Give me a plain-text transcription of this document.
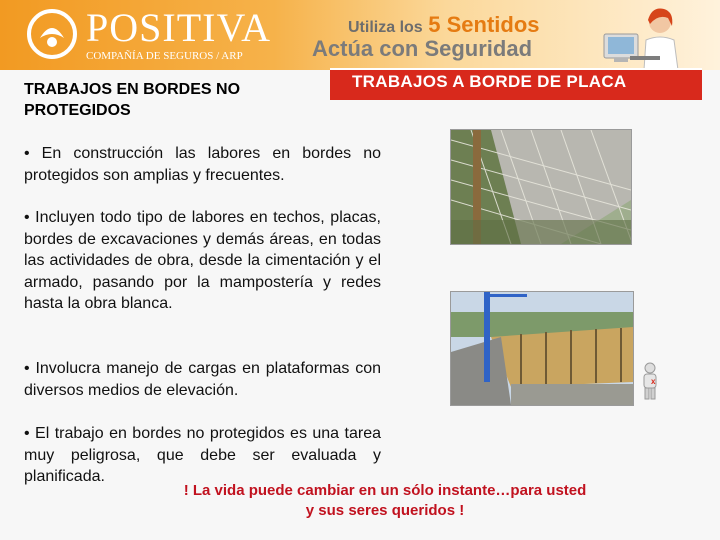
POSITIVA
COMPAÑÍA DE SEGUROS / ARP
Utiliza los 5 Sentidos
Actúa con Seguridad
TRABAJOS A BORDE DE PLACA
TRABAJOS EN BORDES NO PROTEGIDOS
• En construcción las labores en bordes no protegidos son amplias y frecuentes.
• Incluyen todo tipo de labores en techos, placas, bordes de excavaciones y demás áreas, en todas las actividades de obra, desde la cimentación y el armado, pasando por la mampostería y redes hasta la obra blanca.
• Involucra manejo de cargas en plataformas con diversos medios de elevación.
• El trabajo en bordes no protegidos es una tarea muy peligrosa, que debe ser evaluada y planificada.
x
! La vida puede cambiar en un sólo instante…para usted
y sus seres queridos !
